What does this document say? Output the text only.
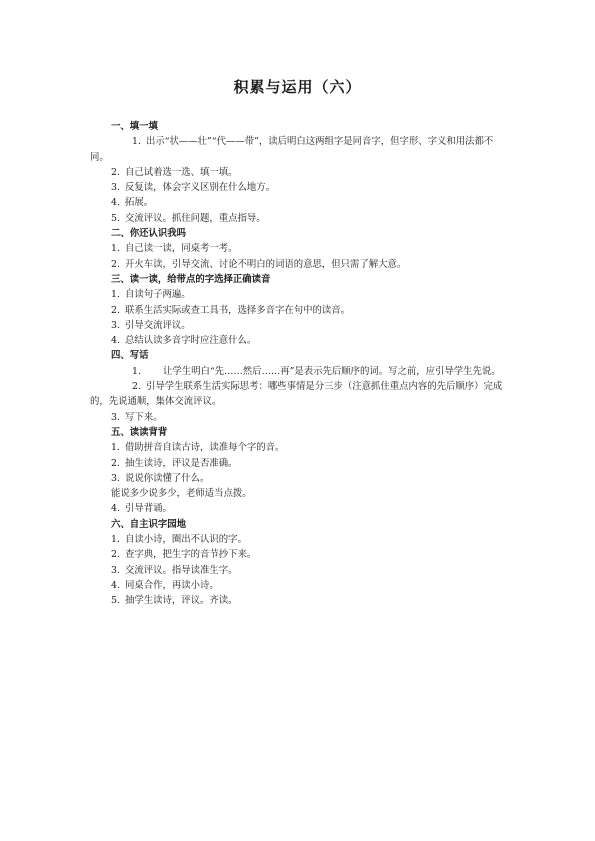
积累与运用（六）
一、填一填
1. 出示“状——壮”“代——带”，读后明白这两组字是同音字，但字形、字义和用法都不同。
2. 自己试着选一选、填一填。
3. 反复读，体会字义区别在什么地方。
4. 拓展。
5. 交流评议。抓住问题，重点指导。
二、你还认识我吗
1. 自己读一读，同桌考一考。
2. 开火车读，引导交流、讨论不明白的词语的意思，但只需了解大意。
三、读一读，给带点的字选择正确读音
1. 自读句子两遍。
2. 联系生活实际或查工具书，选择多音字在句中的读音。
3. 引导交流评议。
4. 总结认读多音字时应注意什么。
四、写话
1. 让学生明白“先……然后……再”是表示先后顺序的词。写之前，应引导学生先说。
2. 引导学生联系生活实际思考：哪些事情是分三步（注意抓住重点内容的先后顺序）完成的，先说通顺，集体交流评议。
3. 写下来。
五、读读背背
1. 借助拼音自读古诗，读准每个字的音。
2. 抽生读诗，评议是否准确。
3. 说说你读懂了什么。
能说多少说多少，老师适当点拨。
4. 引导背诵。
六、自主识字园地
1. 自读小诗，圈出不认识的字。
2. 查字典，把生字的音节抄下来。
3. 交流评议。指导读准生字。
4. 同桌合作，再读小诗。
5. 抽学生读诗，评议。齐读。
